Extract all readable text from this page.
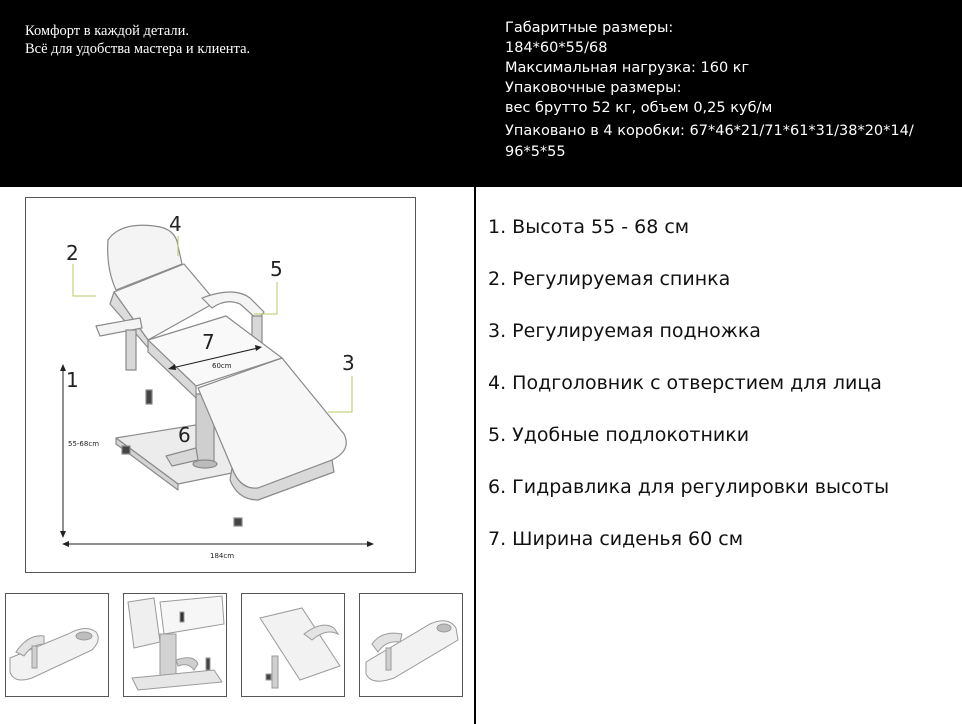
Комфорт в каждой детали.
Всё для удобства мастера и клиента.
Габаритные размеры:
184*60*55/68
Максимальная нагрузка: 160 кг
Упаковочные размеры:
вес брутто 52 кг, объем 0,25 куб/м
Упаковано в 4 коробки: 67*46*21/71*61*31/38*20*14/
96*5*55
1
2
3
4
5
6
7
55-68cm
184cm
60cm
1. Высота 55 - 68 см
2. Регулируемая спинка
3. Регулируемая подножка
4. Подголовник с отверстием для лица
5. Удобные подлокотники
6. Гидравлика для регулировки высоты
7. Ширина сиденья 60 см
